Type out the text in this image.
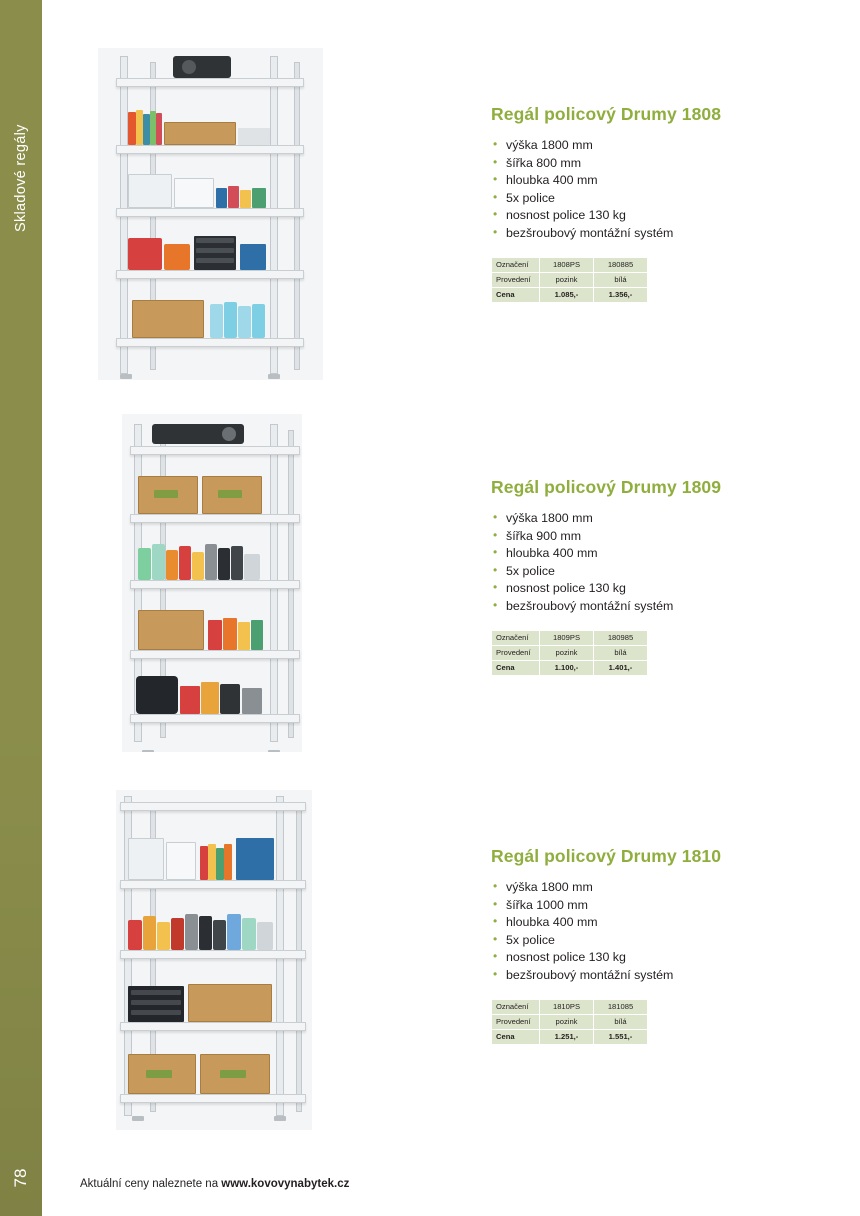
Skladové regály
78
Regál policový Drumy 1808
• výška 1800 mm
• šířka 800 mm
• hloubka 400 mm
• 5x police
• nosnost police 130 kg
• bezšroubový montážní systém
Označení	1808PS	180885
Provedení	pozink	bílá
Cena	1.085,-	1.356,-
Regál policový Drumy 1809
• výška 1800 mm
• šířka 900 mm
• hloubka 400 mm
• 5x police
• nosnost police 130 kg
• bezšroubový montážní systém
Označení	1809PS	180985
Provedení	pozink	bílá
Cena	1.100,-	1.401,-
Regál policový Drumy 1810
• výška 1800 mm
• šířka 1000 mm
• hloubka 400 mm
• 5x police
• nosnost police 130 kg
• bezšroubový montážní systém
Označení	1810PS	181085
Provedení	pozink	bílá
Cena	1.251,-	1.551,-
Aktuální ceny naleznete na www.kovovynabytek.cz
